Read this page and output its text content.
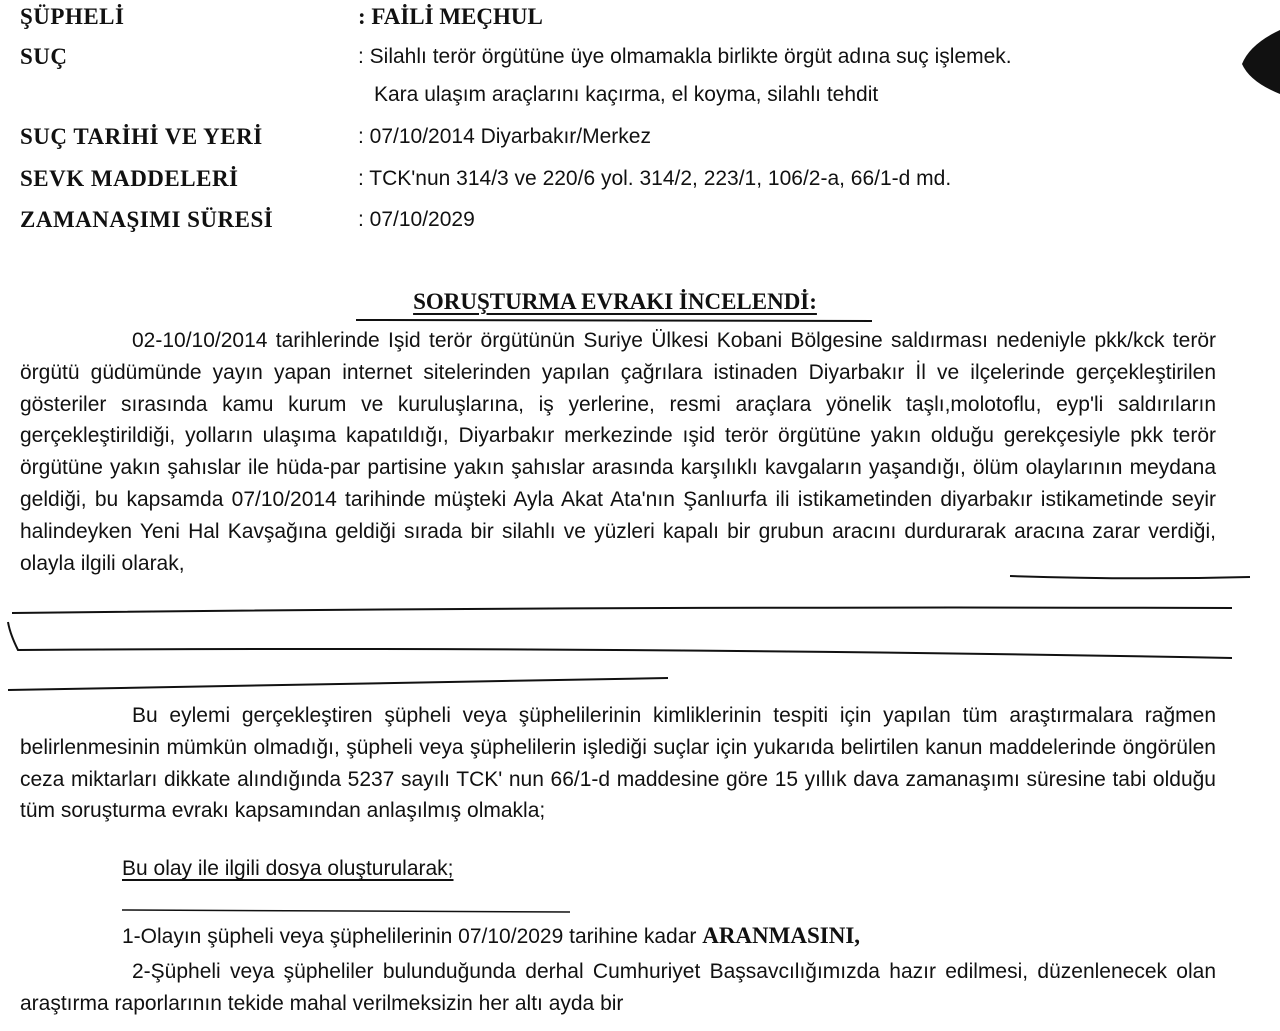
ŞÜPHELİ	: FAİLİ MEÇHUL
SUÇ	: Silahlı terör örgütüne üye olmamakla birlikte örgüt adına suç işlemek.
Kara ulaşım araçlarını kaçırma, el koyma, silahlı tehdit
SUÇ TARİHİ VE YERİ	: 07/10/2014 Diyarbakır/Merkez
SEVK MADDELERİ	: TCK'nun 314/3 ve 220/6 yol. 314/2, 223/1, 106/2-a, 66/1-d md.
ZAMANAŞIMI SÜRESİ	: 07/10/2029
SORUŞTURMA EVRAKI İNCELENDİ:
02-10/10/2014 tarihlerinde Işid terör örgütünün Suriye Ülkesi Kobani Bölgesine saldırması nedeniyle pkk/kck terör örgütü güdümünde yayın yapan internet sitelerinden yapılan çağrılara istinaden Diyarbakır İl ve ilçelerinde gerçekleştirilen gösteriler sırasında kamu kurum ve kuruluşlarına, iş yerlerine, resmi araçlara yönelik taşlı,molotoflu, eyp'li saldırıların gerçekleştirildiği, yolların ulaşıma kapatıldığı, Diyarbakır merkezinde ışid terör örgütüne yakın olduğu gerekçesiyle pkk terör örgütüne yakın şahıslar ile hüda-par partisine yakın şahıslar arasında karşılıklı kavgaların yaşandığı, ölüm olaylarının meydana geldiği, bu kapsamda 07/10/2014 tarihinde müşteki Ayla Akat Ata'nın Şanlıurfa ili istikametinden diyarbakır istikametinde seyir halindeyken Yeni Hal Kavşağına geldiği sırada bir silahlı ve yüzleri kapalı bir grubun aracını durdurarak aracına zarar verdiği, olayla ilgili olarak,
Bu eylemi gerçekleştiren şüpheli veya şüphelilerinin kimliklerinin tespiti için yapılan tüm araştırmalara rağmen belirlenmesinin mümkün olmadığı, şüpheli veya şüphelilerin işlediği suçlar için yukarıda belirtilen kanun maddelerinde öngörülen ceza miktarları dikkate alındığında 5237 sayılı TCK' nun 66/1-d maddesine göre 15 yıllık dava zamanaşımı süresine tabi olduğu tüm soruşturma evrakı kapsamından anlaşılmış olmakla;
Bu olay ile ilgili dosya oluşturularak;
1-Olayın şüpheli veya şüphelilerinin 07/10/2029 tarihine kadar ARANMASINI,
2-Şüpheli veya şüpheliler bulunduğunda derhal Cumhuriyet Başsavcılığımızda hazır edilmesi, düzenlenecek olan araştırma raporlarının tekide mahal verilmeksizin her altı ayda bir
